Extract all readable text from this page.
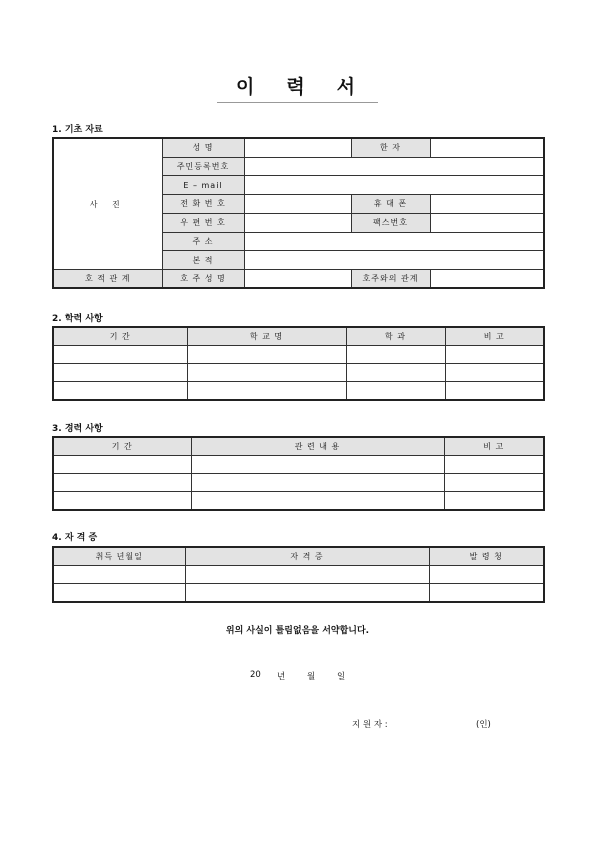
이 력 서
1. 기초 자료
사 진	성 명		한 자	
	주민등록번호			
	E – mail			
	전 화 번 호		휴 대 폰	
	우 편 번 호		팩스번호	
	주 소			
	본 적			
호 적 관 계	호 주 성 명		호주와의 관계	
2. 학력 사항
기 간	학 교 명	학 과	비 고

3. 경력 사항
기 간	관 련 내 용	비 고

4. 자 격 증
취득 년월일	자 격 증	발 령 청

위의 사실이 틀림없음을 서약합니다.
20 년	월	일
지 원 자 :	(인)
